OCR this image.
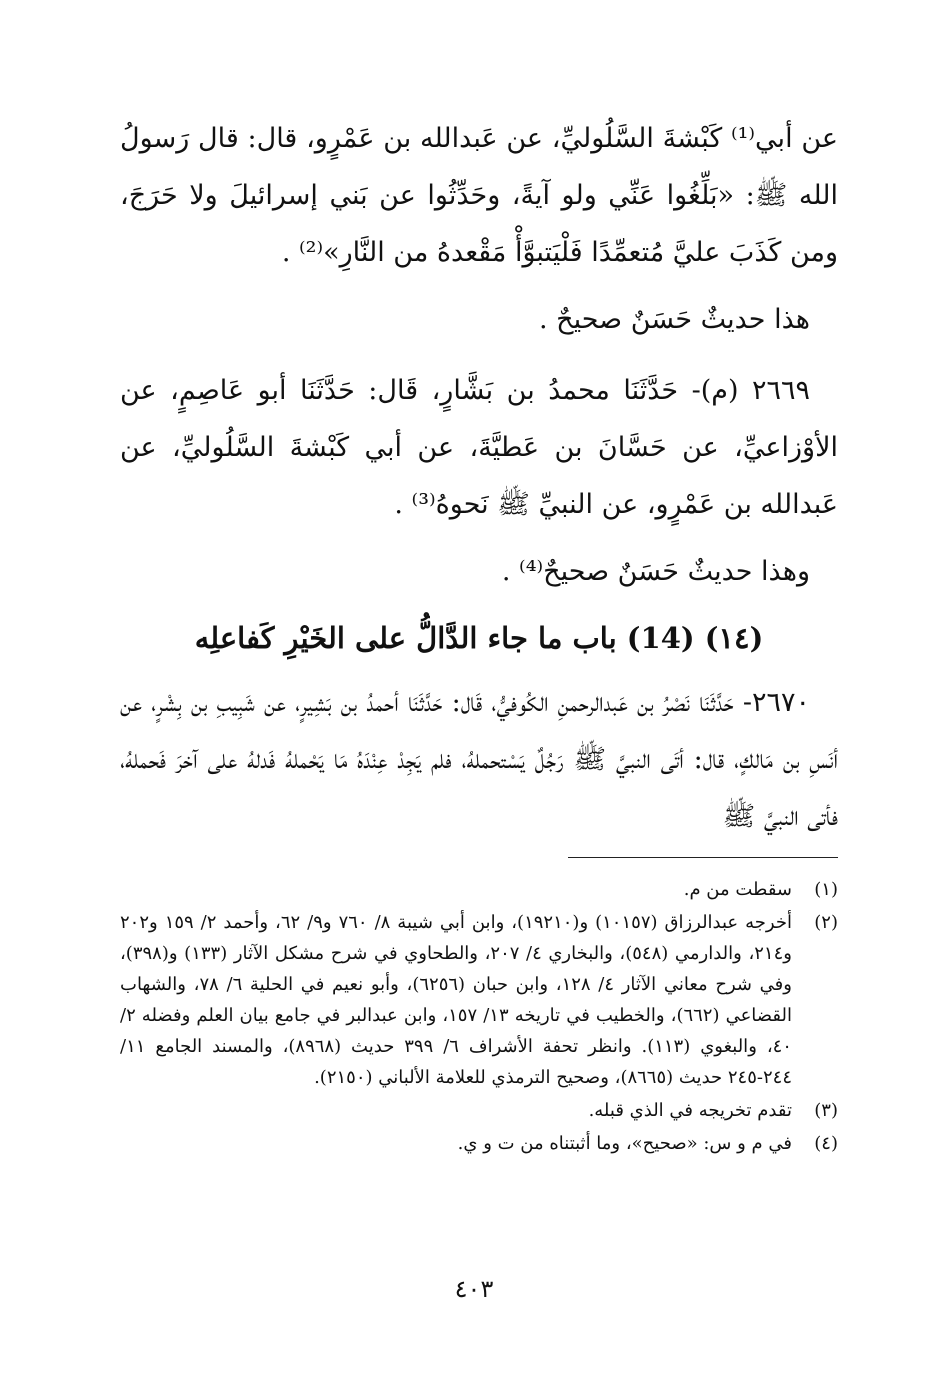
عن أبي⁽¹⁾ كَبْشةَ السَّلُوليِّ، عن عَبدالله بن عَمْرٍو، قال: قال رَسولُ الله ﷺ: «بَلِّغُوا عَنِّي ولو آيةً، وحَدِّثُوا عن بَني إسرائيلَ ولا حَرَجَ، ومن كَذَبَ عليَّ مُتعمِّدًا فَلْيَتبوَّأْ مَقْعدهُ من النَّارِ»⁽²⁾ .

هذا حديثٌ حَسَنٌ صحيحٌ .

٢٦٦٩ (م)- حَدَّثَنَا محمدُ بن بَشَّارٍ، قَال: حَدَّثَنَا أبو عَاصِمٍ، عن الأوْزاعيِّ، عن حَسَّانَ بن عَطيَّةَ، عن أبي كَبْشةَ السَّلُوليِّ، عن عَبدالله بن عَمْرٍو، عن النبيِّ ﷺ نَحوهُ⁽³⁾ .

وهذا حديثٌ حَسَنٌ صحيحٌ⁽⁴⁾ .

(١٤) (14) باب ما جاء الدَّالُّ على الخَيْرِ كَفاعلِه

٢٦٧٠- حَدَّثَنَا نَصْرُ بن عَبدالرحمنِ الكُوفيُّ، قَال: حَدَّثَنَا أحمدُ بن بَشِيرٍ، عن شَبِيبِ بن بِشْرٍ، عن أنَسِ بن مَالكٍ، قال: أتَى النبيَّ ﷺ رَجُلٌ يَسْتحملهُ، فلم يَجِدْ عِنْدَهُ مَا يَحْملهُ فَدلهُ على آخرَ فَحملهُ، فأتى النبيَّ ﷺ

(١)
سقطت من م.
(٢)
أخرجه عبدالرزاق (١٠١٥٧) و(١٩٢١٠)، وابن أبي شيبة ٨/ ٧٦٠ و٩/ ٦٢، وأحمد ٢/ ١٥٩ و٢٠٢ و٢١٤، والدارمي (٥٤٨)، والبخاري ٤/ ٢٠٧، والطحاوي في شرح مشكل الآثار (١٣٣) و(٣٩٨)، وفي شرح معاني الآثار ٤/ ١٢٨، وابن حبان (٦٢٥٦)، وأبو نعيم في الحلية ٦/ ٧٨، والشهاب القضاعي (٦٦٢)، والخطيب في تاريخه ١٣/ ١٥٧، وابن عبدالبر في جامع بيان العلم وفضله ٢/ ٤٠، والبغوي (١١٣). وانظر تحفة الأشراف ٦/ ٣٩٩ حديث (٨٩٦٨)، والمسند الجامع ١١/ ٢٤٤-٢٤٥ حديث (٨٦٦٥)، وصحيح الترمذي للعلامة الألباني (٢١٥٠).
(٣)
تقدم تخريجه في الذي قبله.
(٤)
في م و س: «صحيح»، وما أثبتناه من ت و ي.
٤٠٣
